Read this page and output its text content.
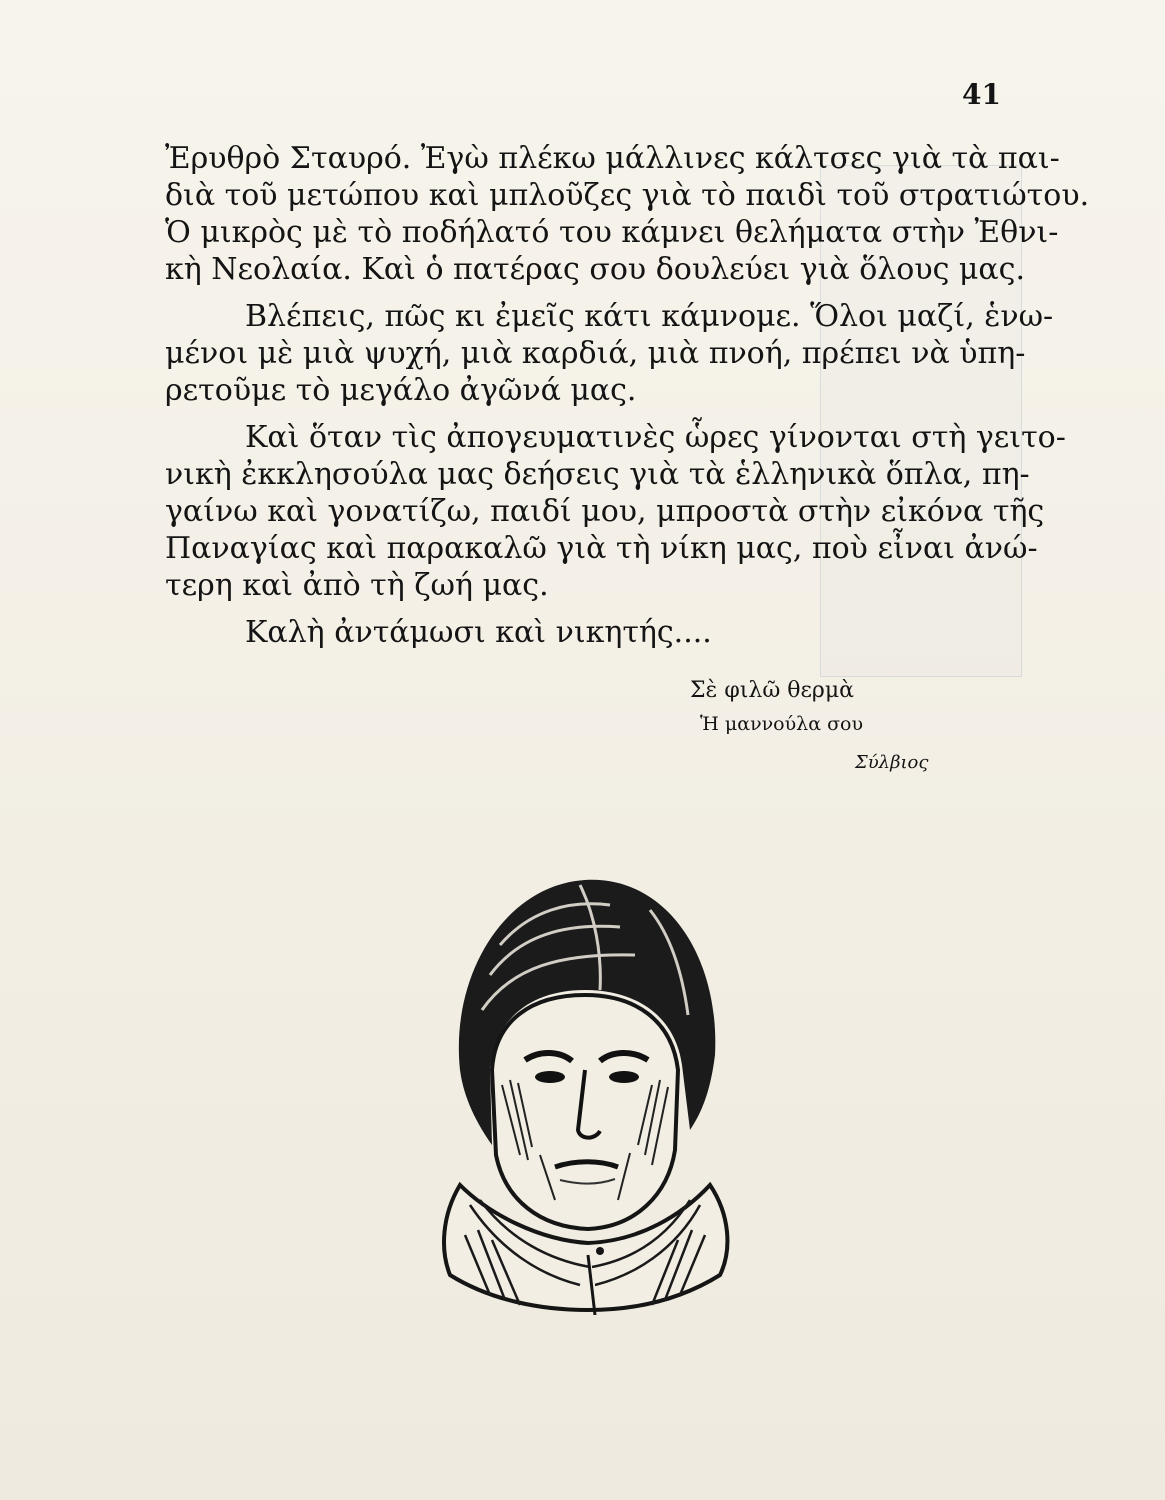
41
Ἐρυθρὸ Σταυρό. Ἐγὼ πλέκω μάλλινες κάλτσες γιὰ τὰ παι-
διὰ τοῦ μετώπου καὶ μπλοῦζες γιὰ τὸ παιδὶ τοῦ στρατιώτου.
Ὁ μικρὸς μὲ τὸ ποδήλατό του κάμνει θελήματα στὴν Ἐθνι-
κὴ Νεολαία. Καὶ ὁ πατέρας σου δουλεύει γιὰ ὅλους μας.
Βλέπεις, πῶς κι ἐμεῖς κάτι κάμνομε. Ὅλοι μαζί, ἑνω-
μένοι μὲ μιὰ ψυχή, μιὰ καρδιά, μιὰ πνοή, πρέπει νὰ ὑπη-
ρετοῦμε τὸ μεγάλο ἀγῶνά μας.
Καὶ ὅταν τὶς ἀπογευματινὲς ὧρες γίνονται στὴ γειτο-
νικὴ ἐκκλησούλα μας δεήσεις γιὰ τὰ ἑλληνικὰ ὅπλα, πη-
γαίνω καὶ γονατίζω, παιδί μου, μπροστὰ στὴν εἰκόνα τῆς
Παναγίας καὶ παρακαλῶ γιὰ τὴ νίκη μας, ποὺ εἶναι ἀνώ-
τερη καὶ ἀπὸ τὴ ζωή μας.
Καλὴ ἀντάμωσι καὶ νικητής....
Σὲ φιλῶ θερμὰ
Ἡ μαννούλα σου
Σύλβιος
